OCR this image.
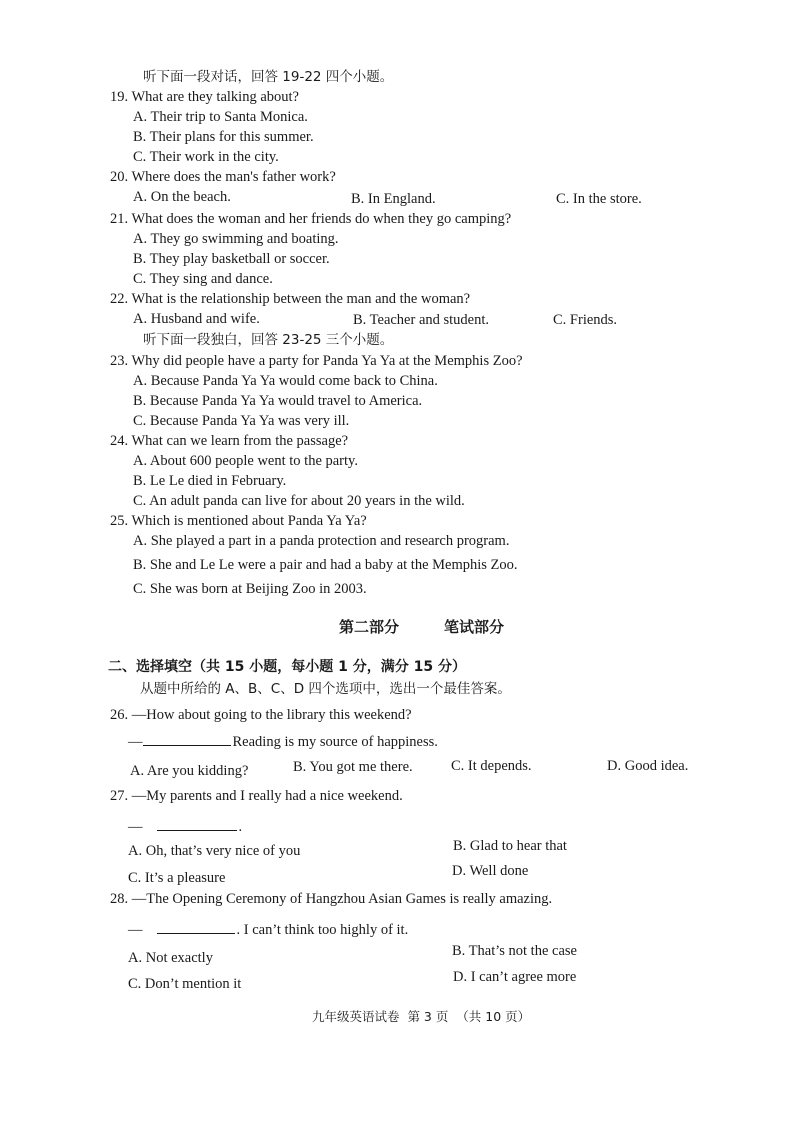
听下面一段对话，回答 19-22 四个小题。
19. What are they talking about?
A. Their trip to Santa Monica.
B. Their plans for this summer.
C. Their work in the city.
20. Where does the man's father work?
A. On the beach.	B. In England.	C. In the store.
21. What does the woman and her friends do when they go camping?
A. They go swimming and boating.
B. They play basketball or soccer.
C. They sing and dance.
22. What is the relationship between the man and the woman?
A. Husband and wife.	B. Teacher and student.	C. Friends.
听下面一段独白，回答 23-25 三个小题。
23. Why did people have a party for Panda Ya Ya at the Memphis Zoo?
A. Because Panda Ya Ya would come back to China.
B. Because Panda Ya Ya would travel to America.
C. Because Panda Ya Ya was very ill.
24. What can we learn from the passage?
A. About 600 people went to the party.
B. Le Le died in February.
C. An adult panda can live for about 20 years in the wild.
25. Which is mentioned about Panda Ya Ya?
A. She played a part in a panda protection and research program.
B. She and Le Le were a pair and had a baby at the Memphis Zoo.
C. She was born at Beijing Zoo in 2003.
第二部分	笔试部分
二、选择填空（共 15 小题，每小题 1 分，满分 15 分）
从题中所给的 A、B、C、D 四个选项中，选出一个最佳答案。
26. —How about going to the library this weekend?
—	Reading is my source of happiness.
A. Are you kidding?	B. You got me there.	C. It depends.	D. Good idea.
27. —My parents and I really had a nice weekend.
—	.
A. Oh, that’s very nice of you	B. Glad to hear that
C. It’s a pleasure	D. Well done
28. —The Opening Ceremony of Hangzhou Asian Games is really amazing.
—	. I can’t think too highly of it.
A. Not exactly	B. That’s not the case
C. Don’t mention it	D. I can’t agree more
九年级英语试卷  第 3 页  （共 10 页）
